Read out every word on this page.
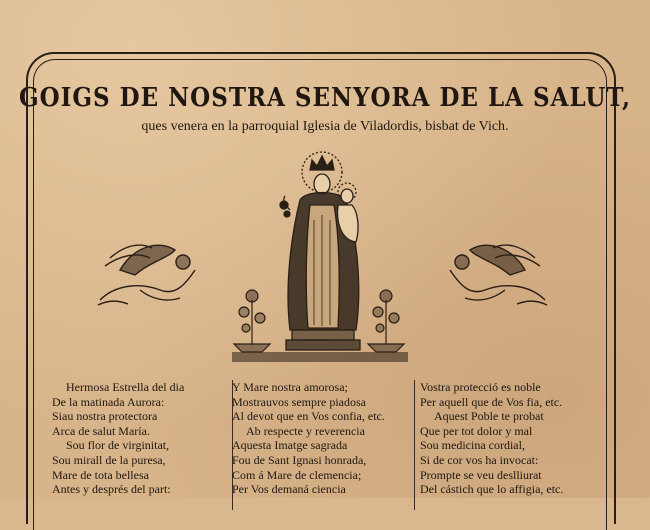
GOIGS DE NOSTRA SENYORA DE LA SALUT,
ques venera en la parroquial Iglesia de Viladordis, bisbat de Vich.
Hermosa Estrella del dia
De la matinada Aurora:
Siau nostra protectora
Arca de salut María.
Sou flor de virginitat,
Sou mirall de la puresa,
Mare de tota bellesa
Antes y després del part:
Y Mare nostra amorosa;
Mostrauvos sempre piadosa
Al devot que en Vos confia, etc.
Ab respecte y reverencia
Aquesta Imatge sagrada
Fou de Sant Ignasi honrada,
Com á Mare de clemencia;
Per Vos demaná ciencia
Vostra protecció es noble
Per aquell que de Vos fia, etc.
Aquest Poble te probat
Que per tot dolor y mal
Sou medicina cordial,
Si de cor vos ha invocat:
Prompte se veu deslliurat
Del cástich que lo affigia, etc.
